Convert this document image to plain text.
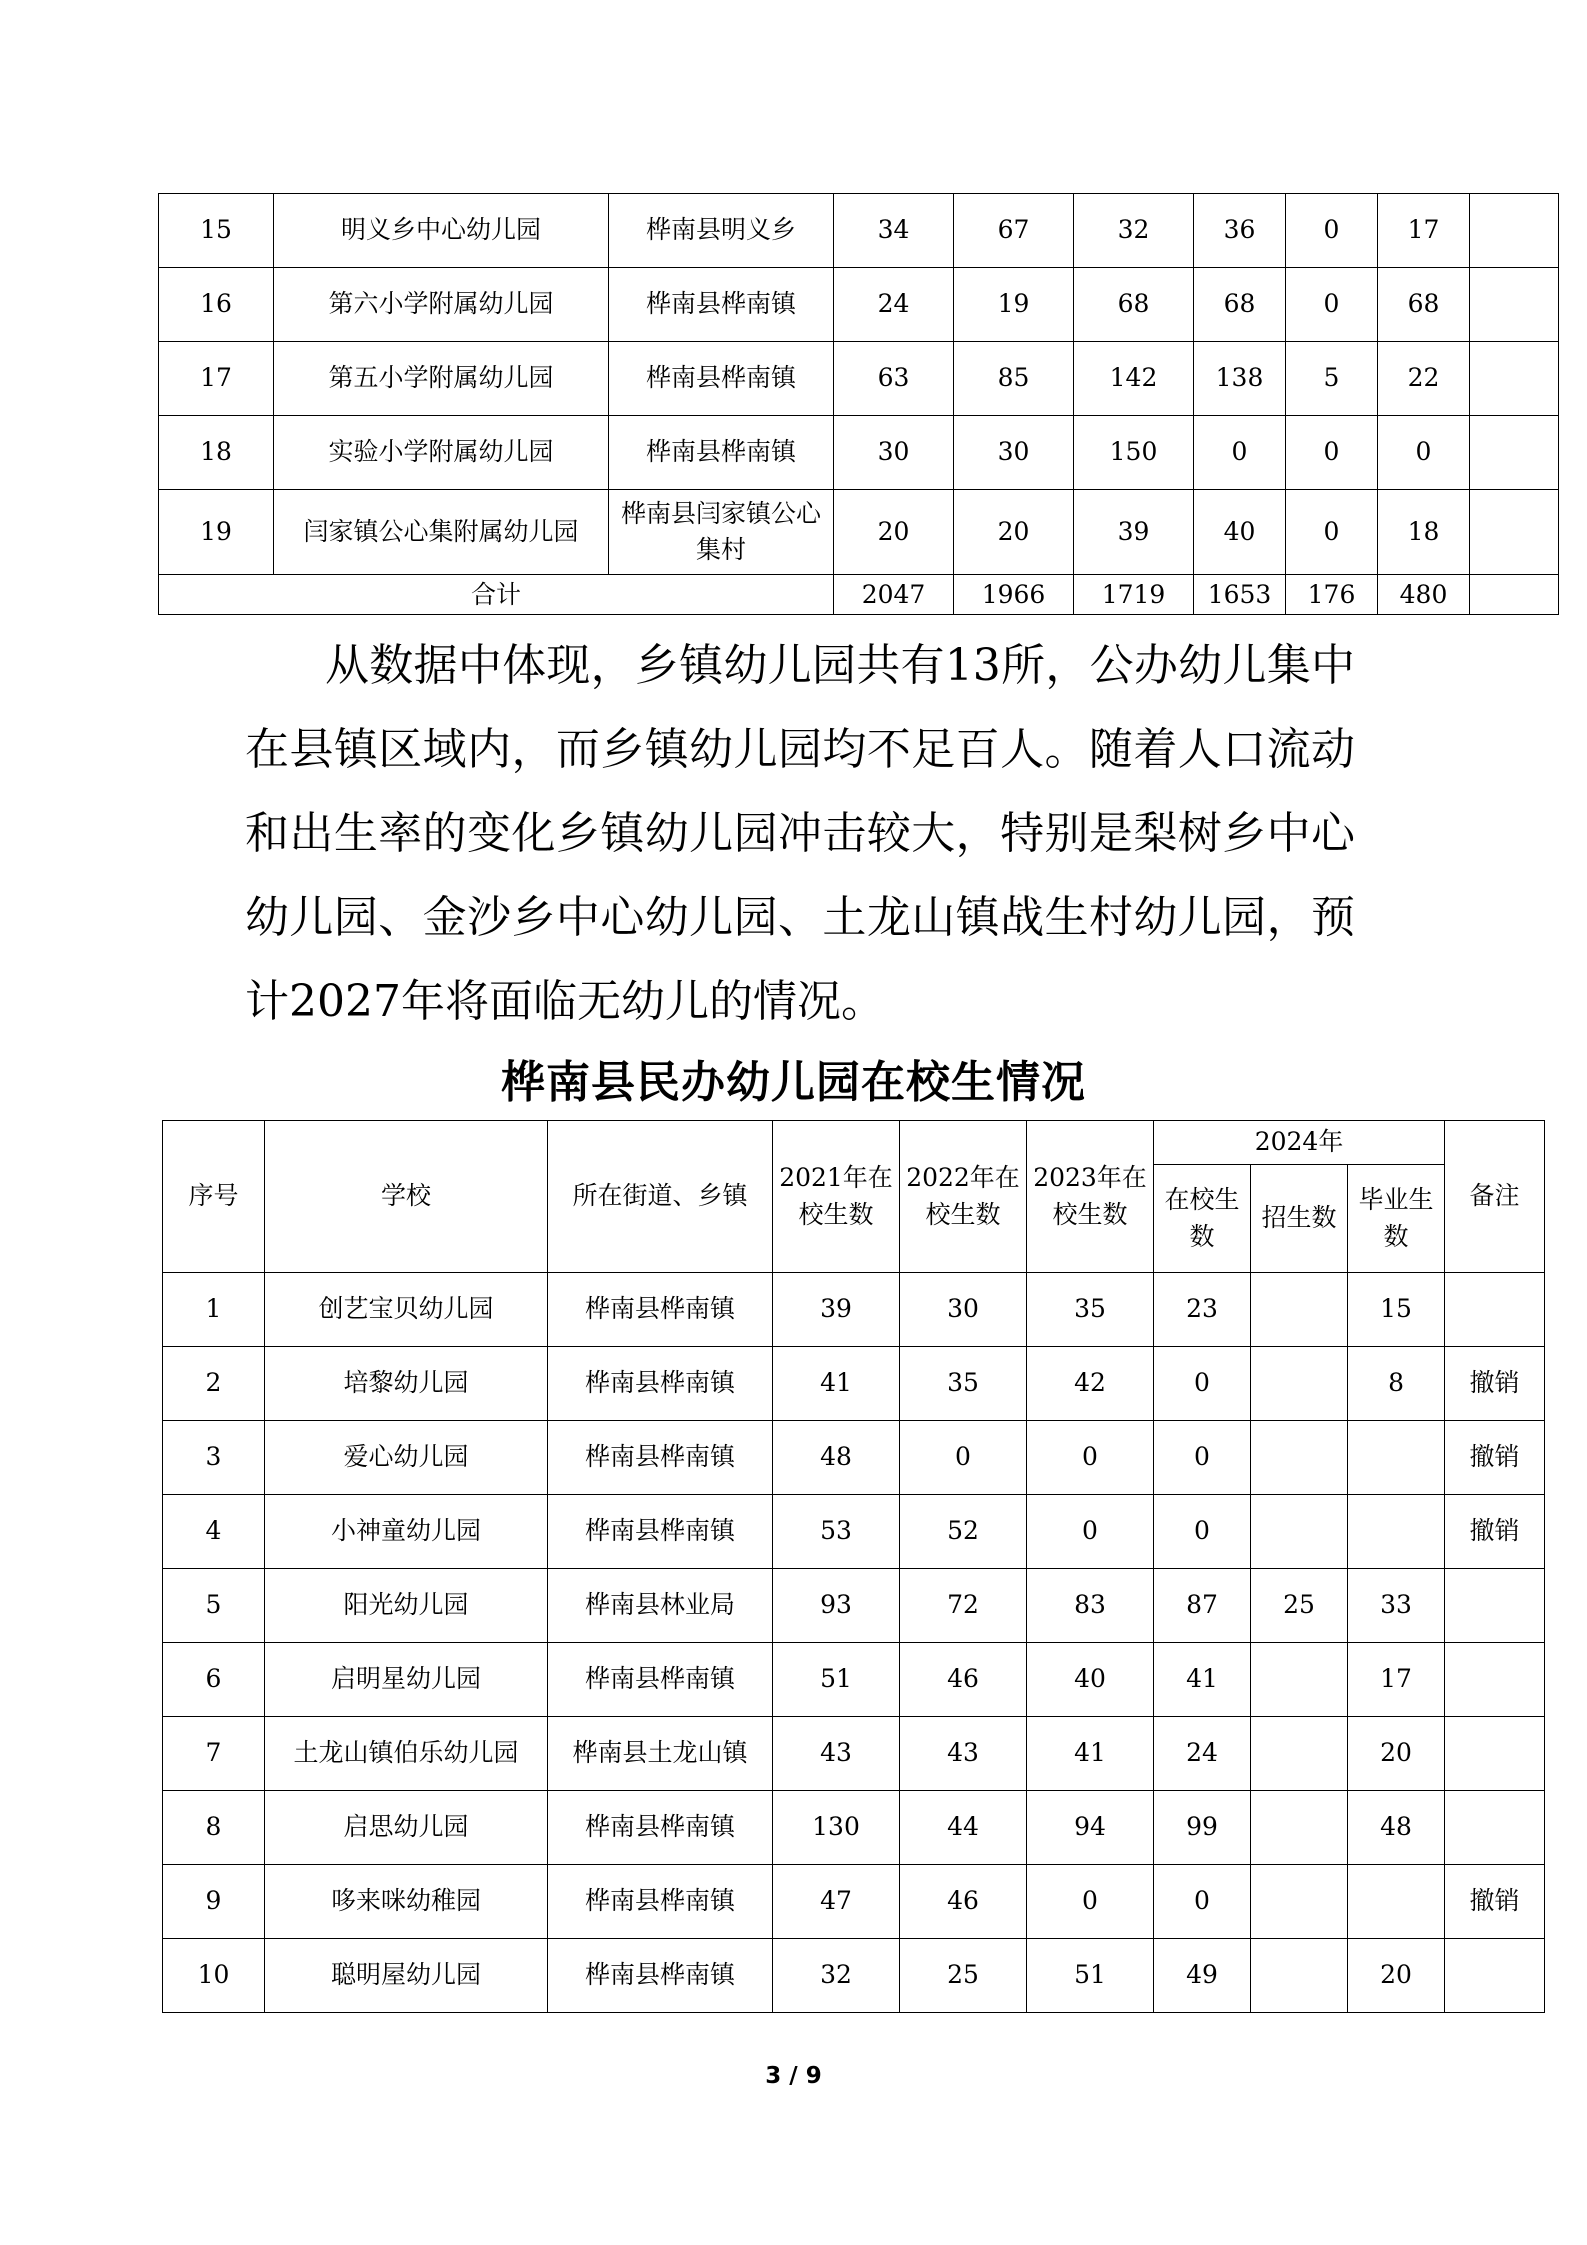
15	明义乡中心幼儿园	桦南县明义乡	34	67	32	36	0	17	
16	第六小学附属幼儿园	桦南县桦南镇	24	19	68	68	0	68	
17	第五小学附属幼儿园	桦南县桦南镇	63	85	142	138	5	22	
18	实验小学附属幼儿园	桦南县桦南镇	30	30	150	0	0	0	
19	闫家镇公心集附属幼儿园	桦南县闫家镇公心集村	20	20	39	40	0	18	
合计			2047	1966	1719	1653	176	480	

从数据中体现，乡镇幼儿园共有13所，公办幼儿集中在县镇区域内，而乡镇幼儿园均不足百人。随着人口流动和出生率的变化乡镇幼儿园冲击较大，特别是梨树乡中心幼儿园、金沙乡中心幼儿园、土龙山镇战生村幼儿园，预计2027年将面临无幼儿的情况。

桦南县民办幼儿园在校生情况
序号	学校	所在街道、乡镇	2021年在校生数	2022年在校生数	2023年在校生数	2024年			备注
						在校生数	招生数	毕业生数	
1	创艺宝贝幼儿园	桦南县桦南镇	39	30	35	23		15	
2	培黎幼儿园	桦南县桦南镇	41	35	42	0		8	撤销
3	爱心幼儿园	桦南县桦南镇	48	0	0	0			撤销
4	小神童幼儿园	桦南县桦南镇	53	52	0	0			撤销
5	阳光幼儿园	桦南县林业局	93	72	83	87	25	33	
6	启明星幼儿园	桦南县桦南镇	51	46	40	41		17	
7	土龙山镇伯乐幼儿园	桦南县土龙山镇	43	43	41	24		20	
8	启思幼儿园	桦南县桦南镇	130	44	94	99		48	
9	哆来咪幼稚园	桦南县桦南镇	47	46	0	0			撤销
10	聪明屋幼儿园	桦南县桦南镇	32	25	51	49		20	
3 / 9
